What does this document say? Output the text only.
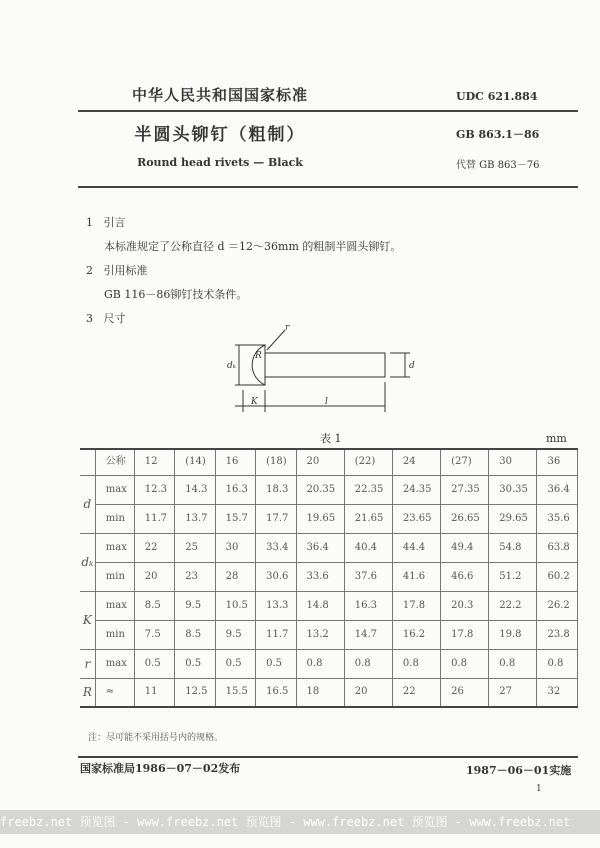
中华人民共和国国家标准	UDC 621.884
半圆头铆钉（粗制）	GB 863.1－86
Round head rivets — Black	代替 GB 863－76
1 引言
本标准规定了公称直径 d ＝12～36mm 的粗制半圆头铆钉。
2 引用标准
GB 116－86铆钉技术条件。
3 尺寸
r
R
dₖ	d
K	l
表 1	mm
	公称	12	(14)	16	(18)	20	(22)	24	(27)	30	36
d	max	12.3	14.3	16.3	18.3	20.35	22.35	24.35	27.35	30.35	36.4
	min	11.7	13.7	15.7	17.7	19.65	21.65	23.65	26.65	29.65	35.6
dₖ	max	22	25	30	33.4	36.4	40.4	44.4	49.4	54.8	63.8
	min	20	23	28	30.6	33.6	37.6	41.6	46.6	51.2	60.2
K	max	8.5	9.5	10.5	13.3	14.8	16.3	17.8	20.3	22.2	26.2
	min	7.5	8.5	9.5	11.7	13.2	14.7	16.2	17.8	19.8	23.8
r	max	0.5	0.5	0.5	0.5	0.8	0.8	0.8	0.8	0.8	0.8
R	≈	11	12.5	15.5	16.5	18	20	22	26	27	32
注：尽可能不采用括号内的规格。
国家标准局1986－07－02发布	1987－06－01实施
1
freebz.net 预览图 - www.freebz.net 预览图 - www.freebz.net 预览图 - www.freebz.net
